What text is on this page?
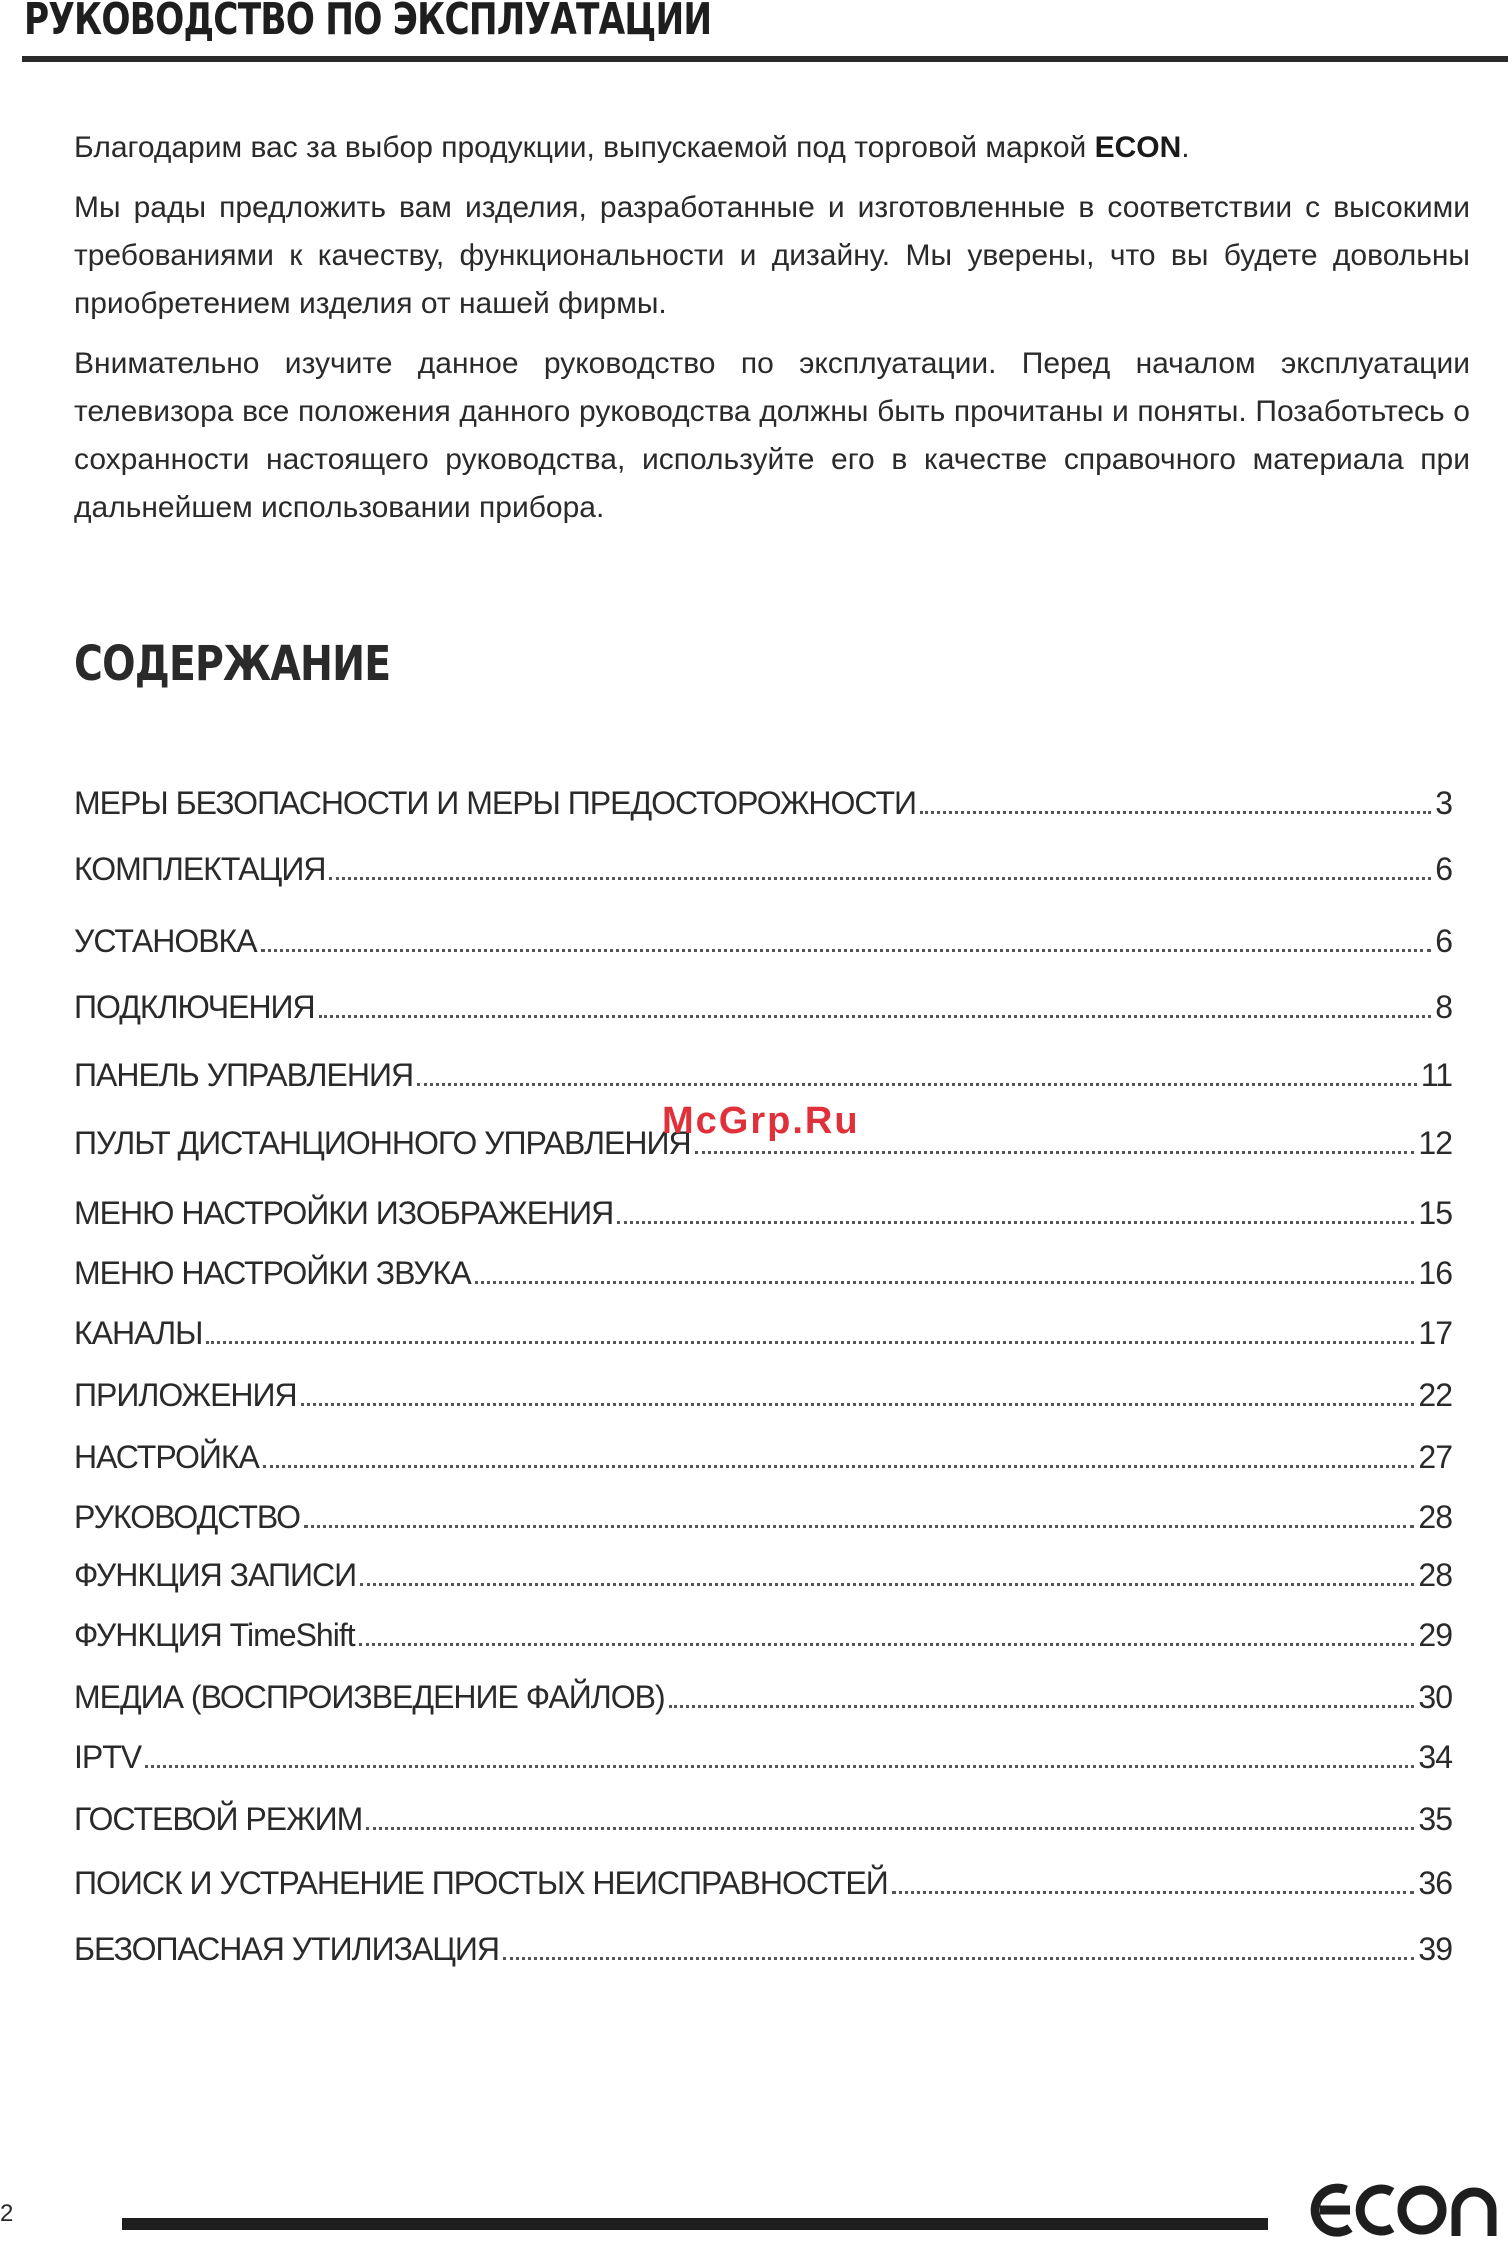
РУКОВОДСТВО ПО ЭКСПЛУАТАЦИИ

Благодарим вас за выбор продукции, выпускаемой под торговой маркой ECON.

Мы рады предложить вам изделия, разработанные и изготовленные в соответствии с высокими требованиями к качеству, функциональности и дизайну. Мы уверены, что вы будете довольны приобретением изделия от нашей фирмы.

Внимательно изучите данное руководство по эксплуатации. Перед началом эксплуатации телевизора все положения данного руководства должны быть прочитаны и поняты. Позаботьтесь о сохранности настоящего руководства, используйте его в качестве справочного материала при дальнейшем использовании прибора.

СОДЕРЖАНИЕ
МЕРЫ БЕЗОПАСНОСТИ И МЕРЫ ПРЕДОСТОРОЖНОСТИ	3
КОМПЛЕКТАЦИЯ	6
УСТАНОВКА	6
ПОДКЛЮЧЕНИЯ	8
ПАНЕЛЬ УПРАВЛЕНИЯ	11
ПУЛЬТ ДИСТАНЦИОННОГО УПРАВЛЕНИЯ	12
МЕНЮ НАСТРОЙКИ ИЗОБРАЖЕНИЯ	15
МЕНЮ НАСТРОЙКИ ЗВУКА	16
КАНАЛЫ	17
ПРИЛОЖЕНИЯ	22
НАСТРОЙКА	27
РУКОВОДСТВО	28
ФУНКЦИЯ ЗАПИСИ	28
ФУНКЦИЯ TimeShift	29
МЕДИА (ВОСПРОИЗВЕДЕНИЕ ФАЙЛОВ)	30
IPTV	34
ГОСТЕВОЙ РЕЖИМ	35
ПОИСК И УСТРАНЕНИЕ ПРОСТЫХ НЕИСПРАВНОСТЕЙ	36
БЕЗОПАСНАЯ УТИЛИЗАЦИЯ	39
McGrp.Ru
2
